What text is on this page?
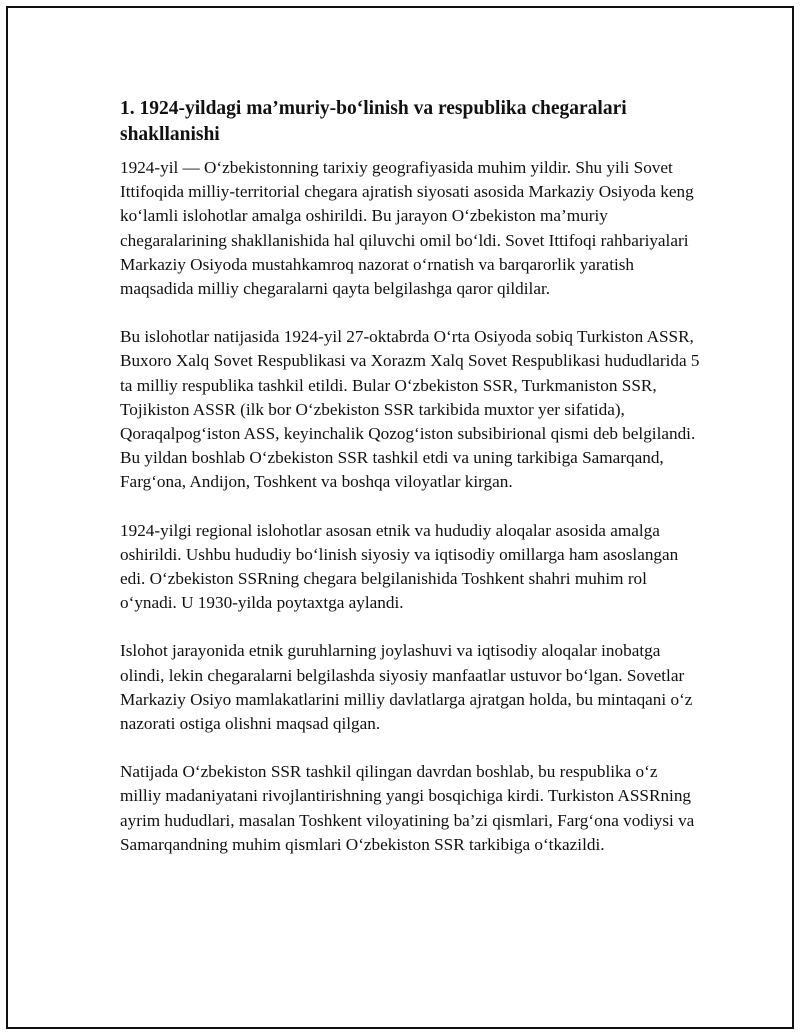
1. 1924-yildagi ma’muriy-bo‘linish va respublika chegaralari shakllanishi

1924-yil — O‘zbekistonning tarixiy geografiyasida muhim yildir. Shu yili Sovet Ittifoqida milliy-territorial chegara ajratish siyosati asosida Markaziy Osiyoda keng ko‘lamli islohotlar amalga oshirildi. Bu jarayon O‘zbekiston ma’muriy chegaralarining shakllanishida hal qiluvchi omil bo‘ldi. Sovet Ittifoqi rahbariyalari Markaziy Osiyoda mustahkamroq nazorat o‘rnatish va barqarorlik yaratish maqsadida milliy chegaralarni qayta belgilashga qaror qildilar.

Bu islohotlar natijasida 1924-yil 27-oktabrda O‘rta Osiyoda sobiq Turkiston ASSR, Buxoro Xalq Sovet Respublikasi va Xorazm Xalq Sovet Respublikasi hududlarida 5 ta milliy respublika tashkil etildi. Bular O‘zbekiston SSR, Turkmaniston SSR, Tojikiston ASSR (ilk bor O‘zbekiston SSR tarkibida muxtor yer sifatida), Qoraqalpog‘iston ASS, keyinchalik Qozog‘iston subsibirional qismi deb belgilandi. Bu yildan boshlab O‘zbekiston SSR tashkil etdi va uning tarkibiga Samarqand, Farg‘ona, Andijon, Toshkent va boshqa viloyatlar kirgan.

1924-yilgi regional islohotlar asosan etnik va hududiy aloqalar asosida amalga oshirildi. Ushbu hududiy bo‘linish siyosiy va iqtisodiy omillarga ham asoslangan edi. O‘zbekiston SSRning chegara belgilanishida Toshkent shahri muhim rol o‘ynadi. U 1930-yilda poytaxtga aylandi.

Islohot jarayonida etnik guruhlarning joylashuvi va iqtisodiy aloqalar inobatga olindi, lekin chegaralarni belgilashda siyosiy manfaatlar ustuvor bo‘lgan. Sovetlar Markaziy Osiyo mamlakatlarini milliy davlatlarga ajratgan holda, bu mintaqani o‘z nazorati ostiga olishni maqsad qilgan.

Natijada O‘zbekiston SSR tashkil qilingan davrdan boshlab, bu respublika o‘z milliy madaniyatani rivojlantirishning yangi bosqichiga kirdi. Turkiston ASSRning ayrim hududlari, masalan Toshkent viloyatining ba’zi qismlari, Farg‘ona vodiysi va Samarqandning muhim qismlari O‘zbekiston SSR tarkibiga o‘tkazildi.
